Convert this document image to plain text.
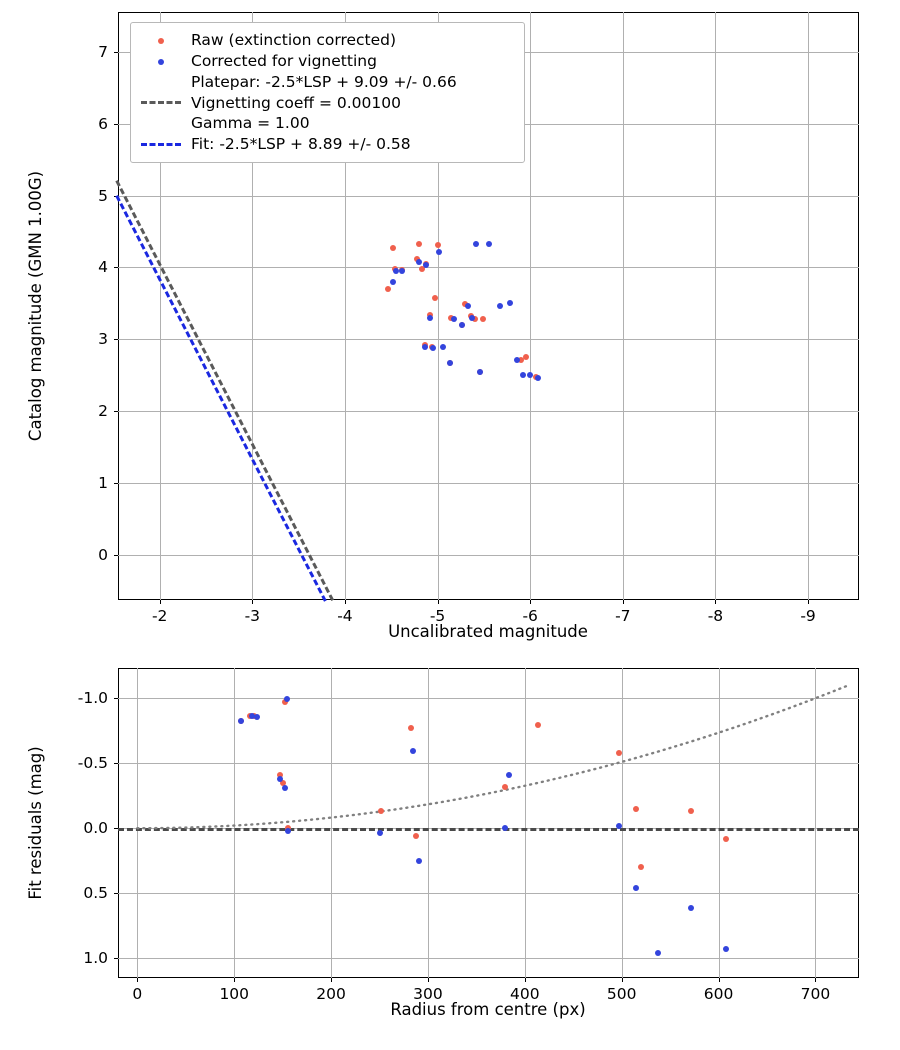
-2	-3	-4	-5	-6	-7	-8	-9
0
1
2
3
4
5
6
7
Uncalibrated magnitude
Catalog magnitude (GMN 1.00G)
Raw (extinction corrected)
Corrected for vignetting
Platepar: -2.5*LSP + 9.09 +/- 0.66
Vignetting coeff = 0.00100
Gamma = 1.00
Fit: -2.5*LSP + 8.89 +/- 0.58
0	100	200	300	400	500	600	700
-1.0
-0.5
0.0
0.5
1.0
Radius from centre (px)
Fit residuals (mag)
